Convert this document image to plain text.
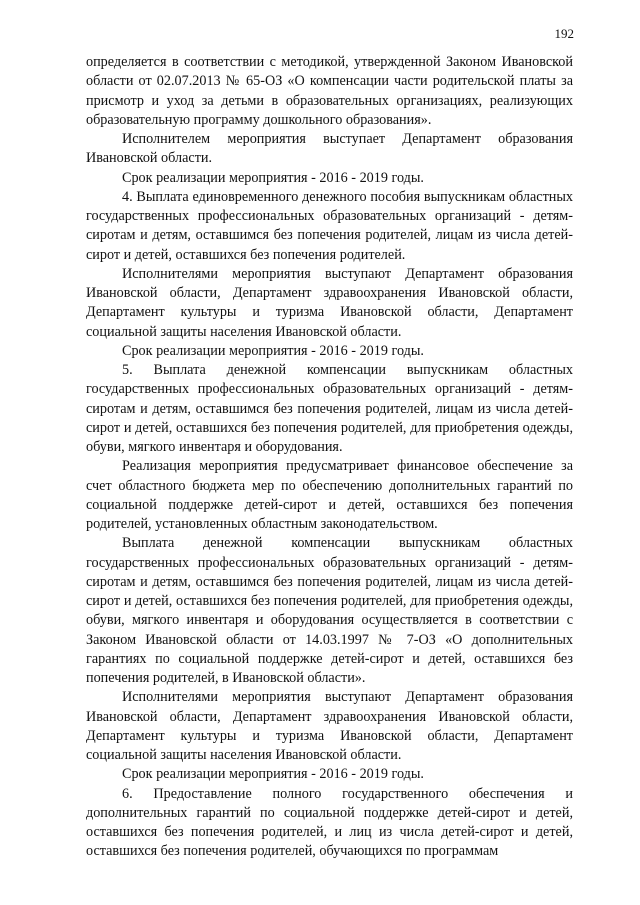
192

определяется в соответствии с методикой, утвержденной Законом Ивановской области от 02.07.2013 № 65-ОЗ «О компенсации части родительской платы за присмотр и уход за детьми в образовательных организациях, реализующих образовательную программу дошкольного образования».

Исполнителем мероприятия выступает Департамент образования Ивановской области.

Срок реализации мероприятия - 2016 - 2019 годы.

4. Выплата единовременного денежного пособия выпускникам областных государственных профессиональных образовательных организаций - детям-сиротам и детям, оставшимся без попечения родителей, лицам из числа детей-сирот и детей, оставшихся без попечения родителей.

Исполнителями мероприятия выступают Департамент образования Ивановской области, Департамент здравоохранения Ивановской области, Департамент культуры и туризма Ивановской области, Департамент социальной защиты населения Ивановской области.

Срок реализации мероприятия - 2016 - 2019 годы.

5. Выплата денежной компенсации выпускникам областных государственных профессиональных образовательных организаций - детям-сиротам и детям, оставшимся без попечения родителей, лицам из числа детей-сирот и детей, оставшихся без попечения родителей, для приобретения одежды, обуви, мягкого инвентаря и оборудования.

Реализация мероприятия предусматривает финансовое обеспечение за счет областного бюджета мер по обеспечению дополнительных гарантий по социальной поддержке детей-сирот и детей, оставшихся без попечения родителей, установленных областным законодательством.

Выплата денежной компенсации выпускникам областных государственных профессиональных образовательных организаций - детям-сиротам и детям, оставшимся без попечения родителей, лицам из числа детей-сирот и детей, оставшихся без попечения родителей, для приобретения одежды, обуви, мягкого инвентаря и оборудования осуществляется в соответствии с Законом Ивановской области от 14.03.1997 № 7-ОЗ «О дополнительных гарантиях по социальной поддержке детей-сирот и детей, оставшихся без попечения родителей, в Ивановской области».

Исполнителями мероприятия выступают Департамент образования Ивановской области, Департамент здравоохранения Ивановской области, Департамент культуры и туризма Ивановской области, Департамент социальной защиты населения Ивановской области.

Срок реализации мероприятия - 2016 - 2019 годы.

6. Предоставление полного государственного обеспечения и дополнительных гарантий по социальной поддержке детей-сирот и детей, оставшихся без попечения родителей, и лиц из числа детей-сирот и детей, оставшихся без попечения родителей, обучающихся по программам
